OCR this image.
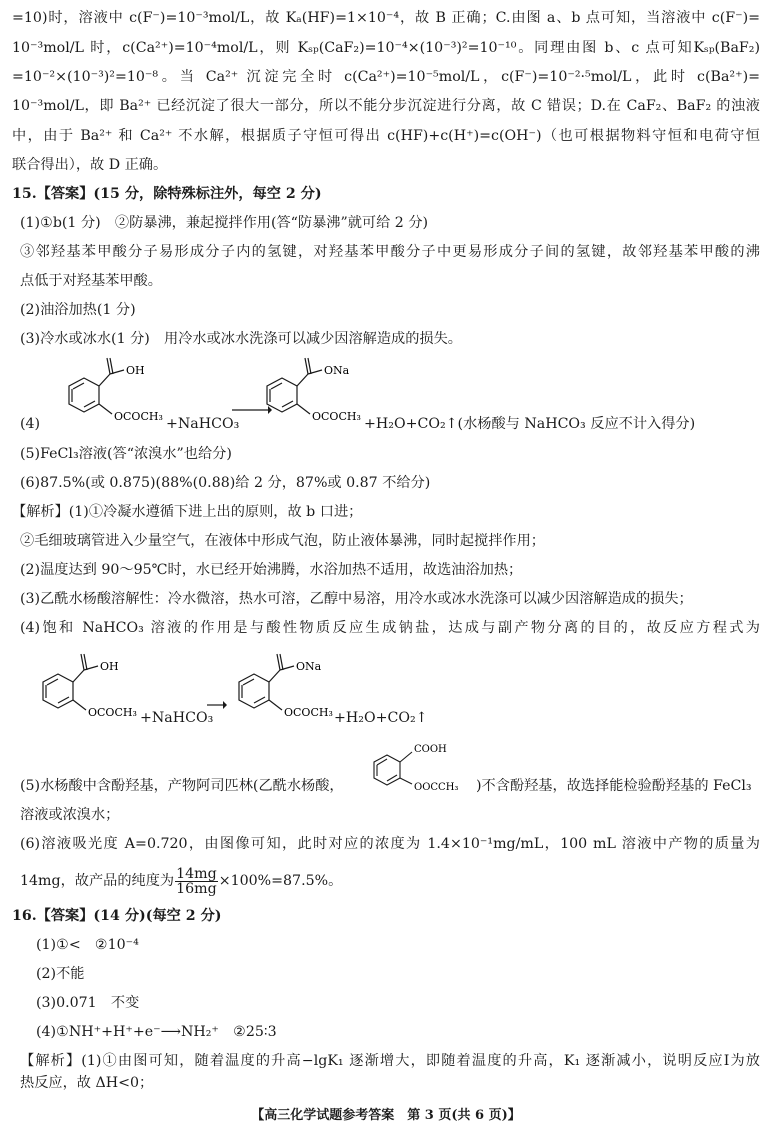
=10)时，溶液中 c(F⁻)=10⁻³mol/L，故 Kₐ(HF)=1×10⁻⁴，故 B 正确；C.由图 a、b 点可知，当溶液中 c(F⁻)=
10⁻³mol/L 时，c(Ca²⁺)=10⁻⁴mol/L，则 Kₛₚ(CaF₂)=10⁻⁴×(10⁻³)²=10⁻¹⁰。同理由图 b、c 点可知Kₛₚ(BaF₂)
=10⁻²×(10⁻³)²=10⁻⁸。当 Ca²⁺ 沉淀完全时 c(Ca²⁺)=10⁻⁵mol/L，c(F⁻)=10⁻²·⁵mol/L，此时 c(Ba²⁺)=
10⁻³mol/L，即 Ba²⁺ 已经沉淀了很大一部分，所以不能分步沉淀进行分离，故 C 错误；D.在 CaF₂、BaF₂ 的浊液
中，由于 Ba²⁺ 和 Ca²⁺ 不水解，根据质子守恒可得出 c(HF)+c(H⁺)=c(OH⁻)（也可根据物料守恒和电荷守恒
联合得出），故 D 正确。
15.【答案】(15 分，除特殊标注外，每空 2 分)
(1)①b(1 分)　②防暴沸，兼起搅拌作用(答“防暴沸”就可给 2 分)
③邻羟基苯甲酸分子易形成分子内的氢键，对羟基苯甲酸分子中更易形成分子间的氢键，故邻羟基苯甲酸的沸
点低于对羟基苯甲酸。
(2)油浴加热(1 分)
(3)冷水或冰水(1 分)　用冷水或冰水洗涤可以减少因溶解造成的损失。
(4)
OH
OCOCH₃ +NaHCO₃
ONa
OCOCH₃ +H₂O+CO₂↑(水杨酸与 NaHCO₃ 反应不计入得分)
(5)FeCl₃溶液(答“浓溴水”也给分)
(6)87.5%(或 0.875)(88%(0.88)给 2 分，87%或 0.87 不给分)
【解析】(1)①冷凝水遵循下进上出的原则，故 b 口进；
②毛细玻璃管进入少量空气，在液体中形成气泡，防止液体暴沸，同时起搅拌作用；
(2)温度达到 90～95℃时，水已经开始沸腾，水浴加热不适用，故选油浴加热；
(3)乙酰水杨酸溶解性：冷水微溶，热水可溶，乙醇中易溶，用冷水或冰水洗涤可以减少因溶解造成的损失；
(4)饱和 NaHCO₃ 溶液的作用是与酸性物质反应生成钠盐，达成与副产物分离的目的，故反应方程式为
OH
OCOCH₃ +NaHCO₃
ONa
OCOCH₃ +H₂O+CO₂↑
(5)水杨酸中含酚羟基，产物阿司匹林(乙酰水杨酸，
COOH
OOCCH₃ )不含酚羟基，故选择能检验酚羟基的 FeCl₃
溶液或浓溴水；
(6)溶液吸光度 A=0.720，由图像可知，此时对应的浓度为 1.4×10⁻¹mg/mL，100 mL 溶液中产物的质量为
14mg，故产品的纯度为 $\frac{14mg}{16mg} \times 100\%=87.5\%$。
16.【答案】(14 分)(每空 2 分)
(1)①<　②10⁻⁴
(2)不能
(3)0.071　不变
(4)①NH⁺+H⁺+e⁻⟶NH₂⁺　②25∶3
【解析】(1)①由图可知，随着温度的升高−lgK₁ 逐渐增大，即随着温度的升高，K₁ 逐渐减小，说明反应Ⅰ为放
热反应，故 ΔH<0；
【高三化学试题参考答案　第 3 页(共 6 页)】
